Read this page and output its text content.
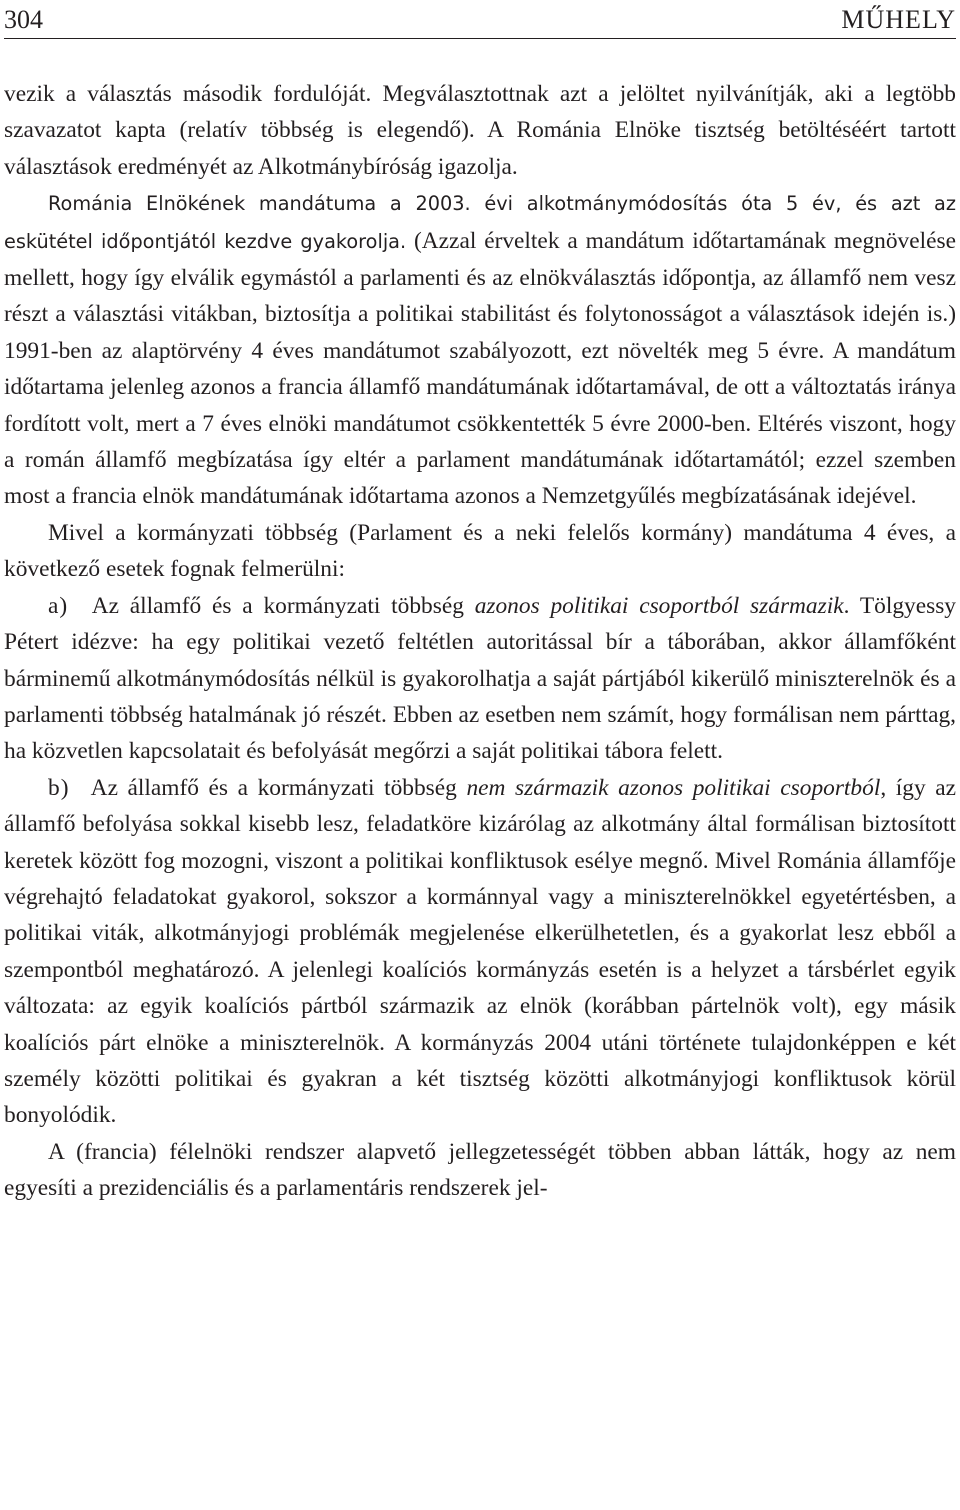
304	MŰHELY

vezik a választás második fordulóját. Megválasztottnak azt a jelöltet nyilvánítják, aki a legtöbb szavazatot kapta (relatív többség is elegendő). A Románia Elnöke tisztség betöltéséért tartott választások eredményét az Alkotmánybíróság igazolja.

Románia Elnökének mandátuma a 2003. évi alkotmánymódosítás óta 5 év, és azt az eskütétel időpontjától kezdve gyakorolja. (Azzal érveltek a mandátum időtartamának megnövelése mellett, hogy így elválik egymástól a parlamenti és az elnökválasztás időpontja, az államfő nem vesz részt a választási vitákban, biztosítja a politikai stabilitást és folytonosságot a választások idején is.) 1991-ben az alaptörvény 4 éves mandátumot szabályozott, ezt növelték meg 5 évre. A mandátum időtartama jelenleg azonos a francia államfő mandátumának időtartamával, de ott a változtatás iránya fordított volt, mert a 7 éves elnöki mandátumot csökkentették 5 évre 2000-ben. Eltérés viszont, hogy a román államfő megbízatása így eltér a parlament mandátumának időtartamától; ezzel szemben most a francia elnök mandátumának időtartama azonos a Nemzetgyűlés megbízatásának idejével.

Mivel a kormányzati többség (Parlament és a neki felelős kormány) mandátuma 4 éves, a következő esetek fognak felmerülni:

a) Az államfő és a kormányzati többség azonos politikai csoportból származik. Tölgyessy Pétert idézve: ha egy politikai vezető feltétlen autoritással bír a táborában, akkor államfőként bárminemű alkotmánymódosítás nélkül is gyakorolhatja a saját pártjából kikerülő miniszterelnök és a parlamenti többség hatalmának jó részét. Ebben az esetben nem számít, hogy formálisan nem párttag, ha közvetlen kapcsolatait és befolyását megőrzi a saját politikai tábora felett.

b) Az államfő és a kormányzati többség nem származik azonos politikai csoportból, így az államfő befolyása sokkal kisebb lesz, feladatköre kizárólag az alkotmány által formálisan biztosított keretek között fog mozogni, viszont a politikai konfliktusok esélye megnő. Mivel Románia államfője végrehajtó feladatokat gyakorol, sokszor a kormánnyal vagy a miniszterelnökkel egyetértésben, a politikai viták, alkotmányjogi problémák megjelenése elkerülhetetlen, és a gyakorlat lesz ebből a szempontból meghatározó. A jelenlegi koalíciós kormányzás esetén is a helyzet a társbérlet egyik változata: az egyik koalíciós pártból származik az elnök (korábban pártelnök volt), egy másik koalíciós párt elnöke a miniszterelnök. A kormányzás 2004 utáni története tulajdonképpen e két személy közötti politikai és gyakran a két tisztség közötti alkotmányjogi konfliktusok körül bonyolódik.

A (francia) félelnöki rendszer alapvető jellegzetességét többen abban látták, hogy az nem egyesíti a prezidenciális és a parlamentáris rendszerek jel-
